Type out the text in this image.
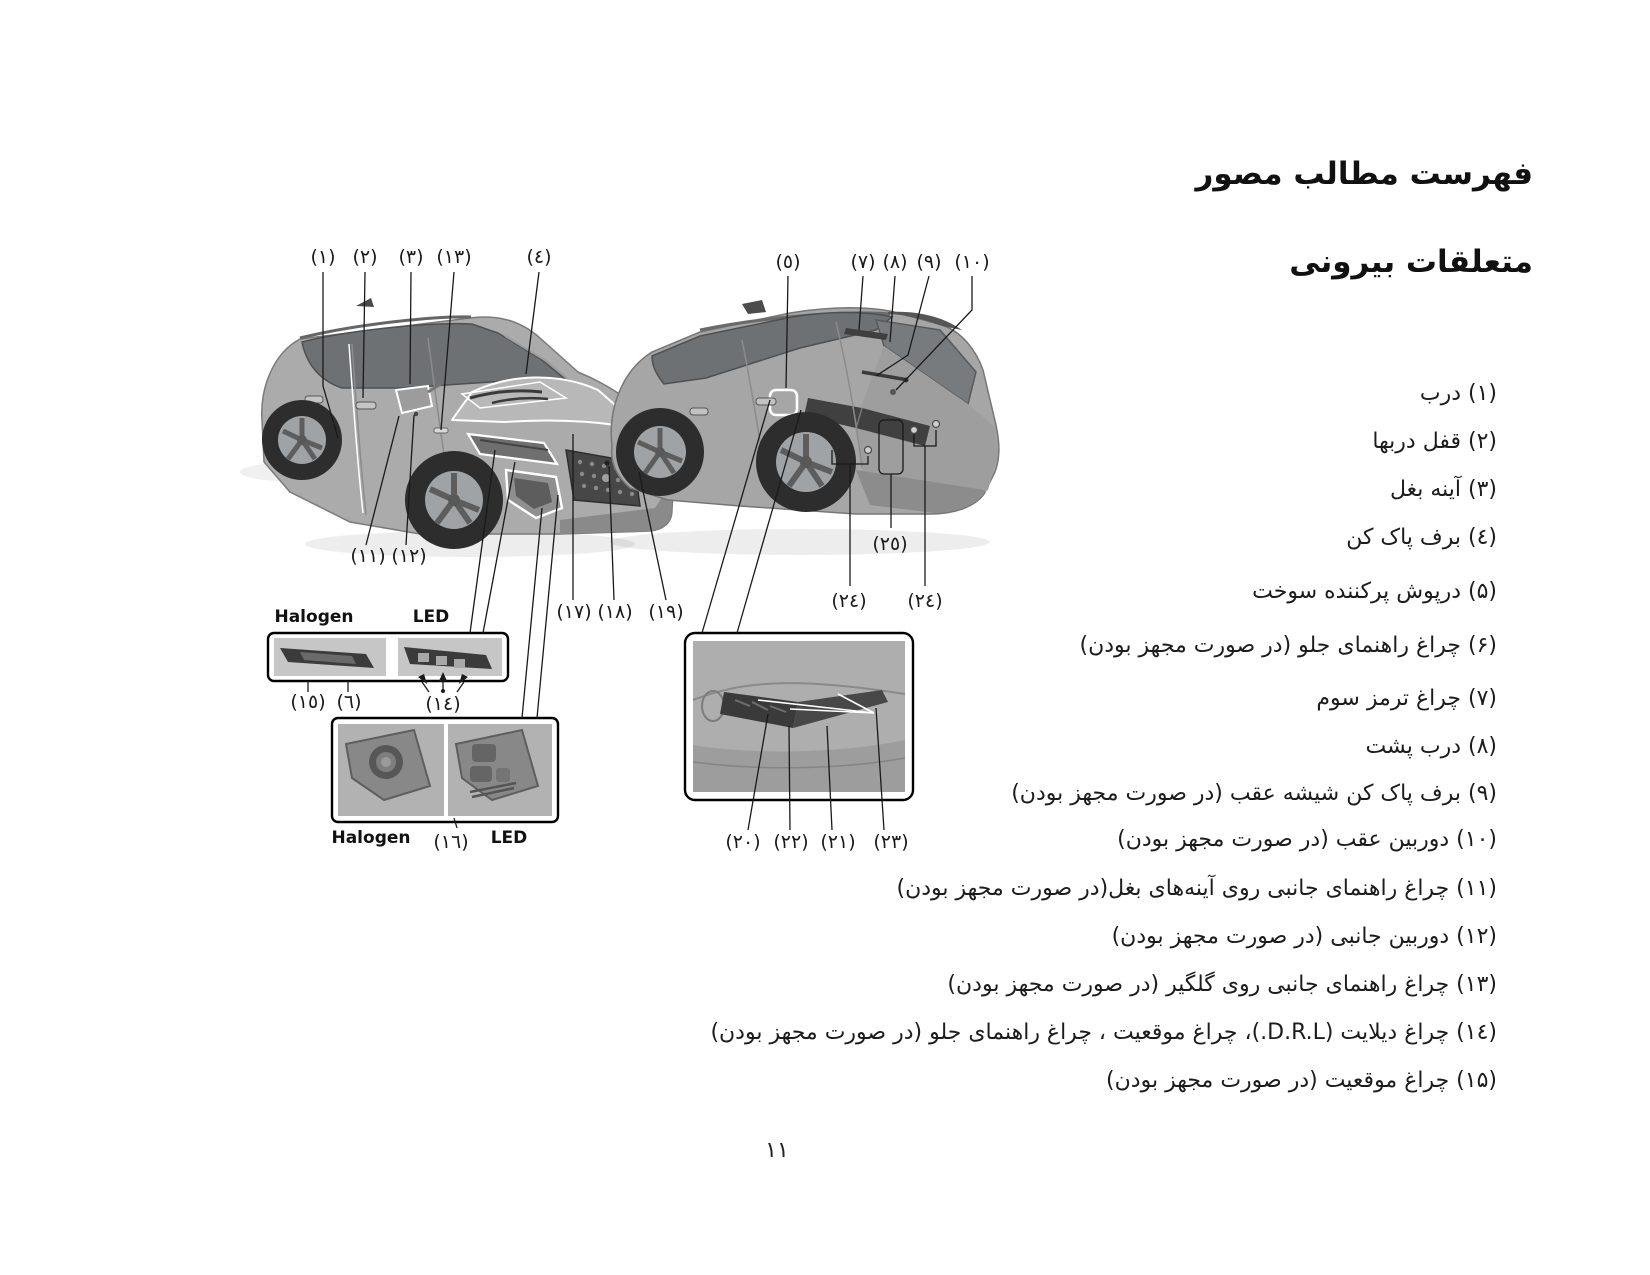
فهرست مطالب مصور
متعلقات بیرونی
(۱) درب
(۲) قفل دربها
(۳) آینه بغل
(٤) برف پاک کن
(۵) درپوش پرکننده سوخت
(۶) چراغ راهنمای جلو (در صورت مجهز بودن)
(۷) چراغ ترمز سوم
(۸) درب پشت
(۹) برف پاک کن شیشه عقب (در صورت مجهز بودن)
(۱۰) دوربین عقب (در صورت مجهز بودن)
(۱۱) چراغ راهنمای جانبی روی آینه‌های بغل(در صورت مجهز بودن)
(۱۲) دوربین جانبی (در صورت مجهز بودن)
(۱۳) چراغ راهنمای جانبی روی گلگیر (در صورت مجهز بودن)
(۱٤) چراغ دیلایت (D.R.L.)، چراغ موقعیت ، چراغ راهنمای جلو (در صورت مجهز بودن)
(۱۵) چراغ موقعیت (در صورت مجهز بودن)
۱۱
(١) (٢) (٣) (١٣)	(٤)	(٥)	(٧) (٨) (٩) (١٠)
(١١) (١٢)
(١٧) (١٨) (١٩)
(١٥) (٦)	(١٤)
(١٦)	(٢٠) (٢٢) (٢١) (٢٣)
(٢٤)
(٢٥)
(٢٤)
Halogen	LED
Halogen	LED
